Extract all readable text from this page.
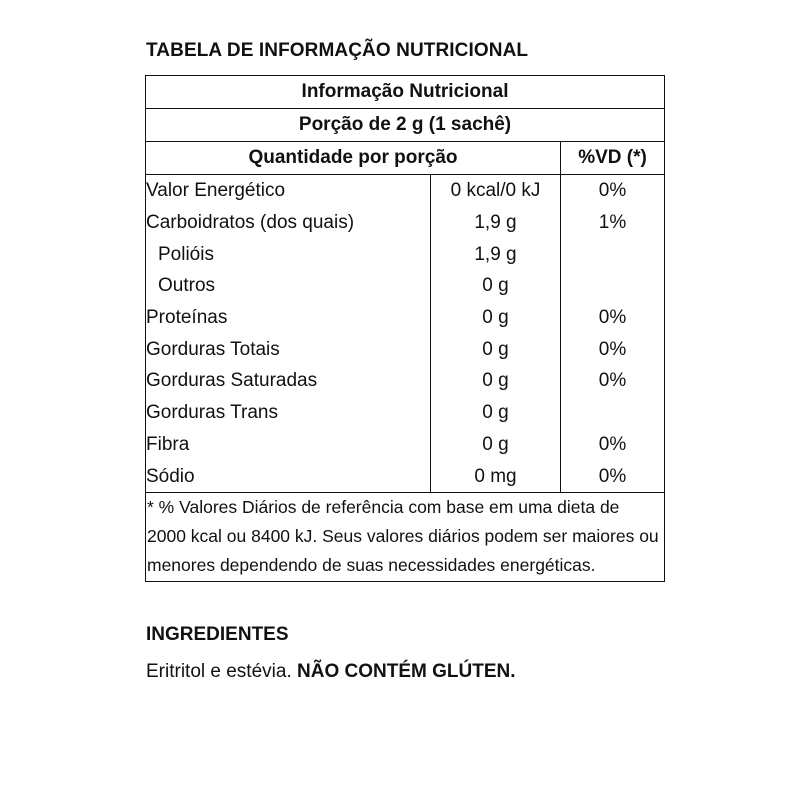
TABELA DE INFORMAÇÃO NUTRICIONAL
Informação Nutricional		
Porção de 2 g (1 sachê)		
Quantidade por porção		%VD (*)
Valor Energético	0 kcal/0 kJ	0%
Carboidratos (dos quais)	1,9 g	1%
Polióis	1,9 g	
Outros	0 g	
Proteínas	0 g	0%
Gorduras Totais	0 g	0%
Gorduras Saturadas	0 g	0%
Gorduras Trans	0 g	
Fibra	0 g	0%
Sódio	0 mg	0%
* % Valores Diários de referência com base em uma dieta de 2000 kcal ou 8400 kJ. Seus valores diários podem ser maiores ou menores dependendo de suas necessidades energéticas.		
INGREDIENTES
Eritritol e estévia. NÃO CONTÉM GLÚTEN.
